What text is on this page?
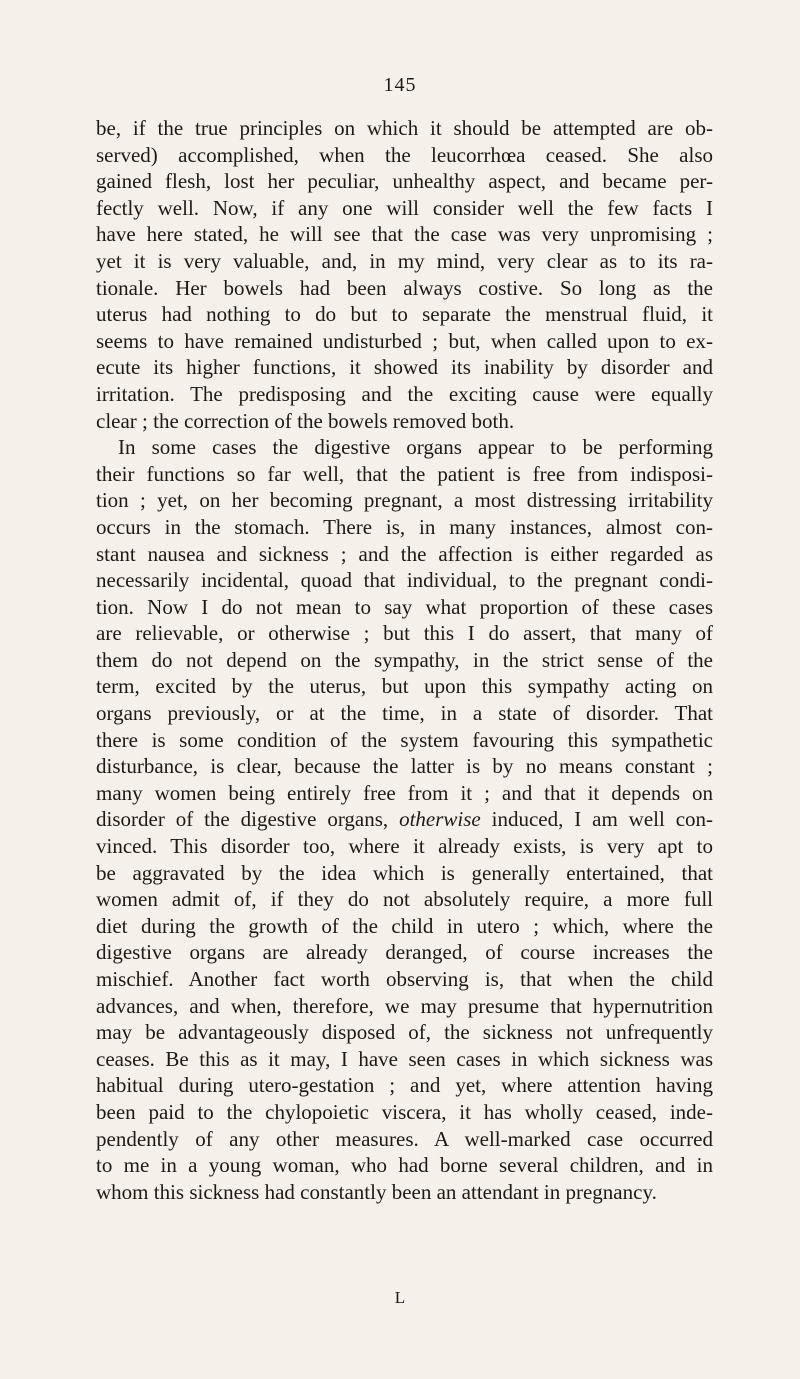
145
be, if the true principles on which it should be attempted are ob-
served) accomplished, when the leucorrhœa ceased. She also
gained flesh, lost her peculiar, unhealthy aspect, and became per-
fectly well. Now, if any one will consider well the few facts I
have here stated, he will see that the case was very unpromising ;
yet it is very valuable, and, in my mind, very clear as to its ra-
tionale. Her bowels had been always costive. So long as the
uterus had nothing to do but to separate the menstrual fluid, it
seems to have remained undisturbed ; but, when called upon to ex-
ecute its higher functions, it showed its inability by disorder and
irritation. The predisposing and the exciting cause were equally
clear ; the correction of the bowels removed both.
In some cases the digestive organs appear to be performing
their functions so far well, that the patient is free from indisposi-
tion ; yet, on her becoming pregnant, a most distressing irritability
occurs in the stomach. There is, in many instances, almost con-
stant nausea and sickness ; and the affection is either regarded as
necessarily incidental, quoad that individual, to the pregnant condi-
tion. Now I do not mean to say what proportion of these cases
are relievable, or otherwise ; but this I do assert, that many of
them do not depend on the sympathy, in the strict sense of the
term, excited by the uterus, but upon this sympathy acting on
organs previously, or at the time, in a state of disorder. That
there is some condition of the system favouring this sympathetic
disturbance, is clear, because the latter is by no means constant ;
many women being entirely free from it ; and that it depends on
disorder of the digestive organs, otherwise induced, I am well con-
vinced. This disorder too, where it already exists, is very apt to
be aggravated by the idea which is generally entertained, that
women admit of, if they do not absolutely require, a more full
diet during the growth of the child in utero ; which, where the
digestive organs are already deranged, of course increases the
mischief. Another fact worth observing is, that when the child
advances, and when, therefore, we may presume that hypernutrition
may be advantageously disposed of, the sickness not unfrequently
ceases. Be this as it may, I have seen cases in which sickness was
habitual during utero-gestation ; and yet, where attention having
been paid to the chylopoietic viscera, it has wholly ceased, inde-
pendently of any other measures. A well-marked case occurred
to me in a young woman, who had borne several children, and in
whom this sickness had constantly been an attendant in pregnancy.
L
